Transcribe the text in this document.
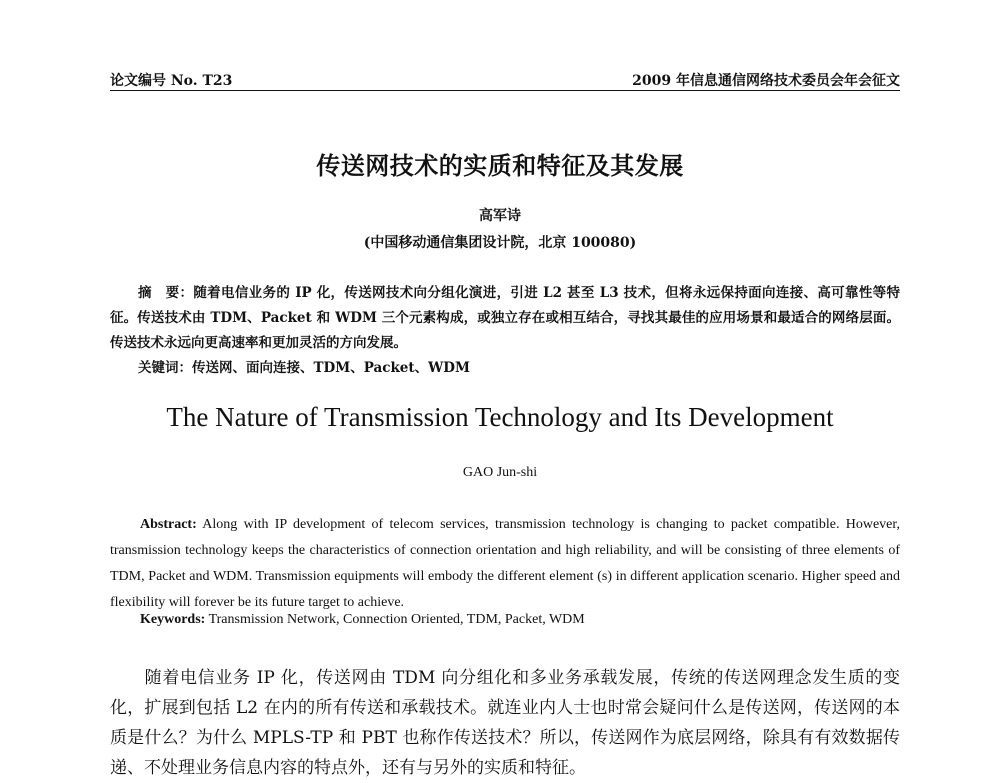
论文编号 No. T23	2009 年信息通信网络技术委员会年会征文
传送网技术的实质和特征及其发展
高军诗
(中国移动通信集团设计院，北京 100080)
摘　要：随着电信业务的 IP 化，传送网技术向分组化演进，引进 L2 甚至 L3 技术，但将永远保持面向连接、高可靠性等特征。传送技术由 TDM、Packet 和 WDM 三个元素构成，或独立存在或相互结合，寻找其最佳的应用场景和最适合的网络层面。传送技术永远向更高速率和更加灵活的方向发展。
关键词：传送网、面向连接、TDM、Packet、WDM
The Nature of Transmission Technology and Its Development
GAO Jun-shi
Abstract: Along with IP development of telecom services, transmission technology is changing to packet compatible. However, transmission technology keeps the characteristics of connection orientation and high reliability, and will be consisting of three elements of TDM, Packet and WDM. Transmission equipments will embody the different element (s) in different application scenario. Higher speed and flexibility will forever be its future target to achieve.
Keywords: Transmission Network, Connection Oriented, TDM, Packet, WDM
随着电信业务 IP 化，传送网由 TDM 向分组化和多业务承载发展，传统的传送网理念发生质的变化，扩展到包括 L2 在内的所有传送和承载技术。就连业内人士也时常会疑问什么是传送网，传送网的本质是什么？为什么 MPLS-TP 和 PBT 也称作传送技术？所以，传送网作为底层网络，除具有有效数据传递、不处理业务信息内容的特点外，还有与另外的实质和特征。
